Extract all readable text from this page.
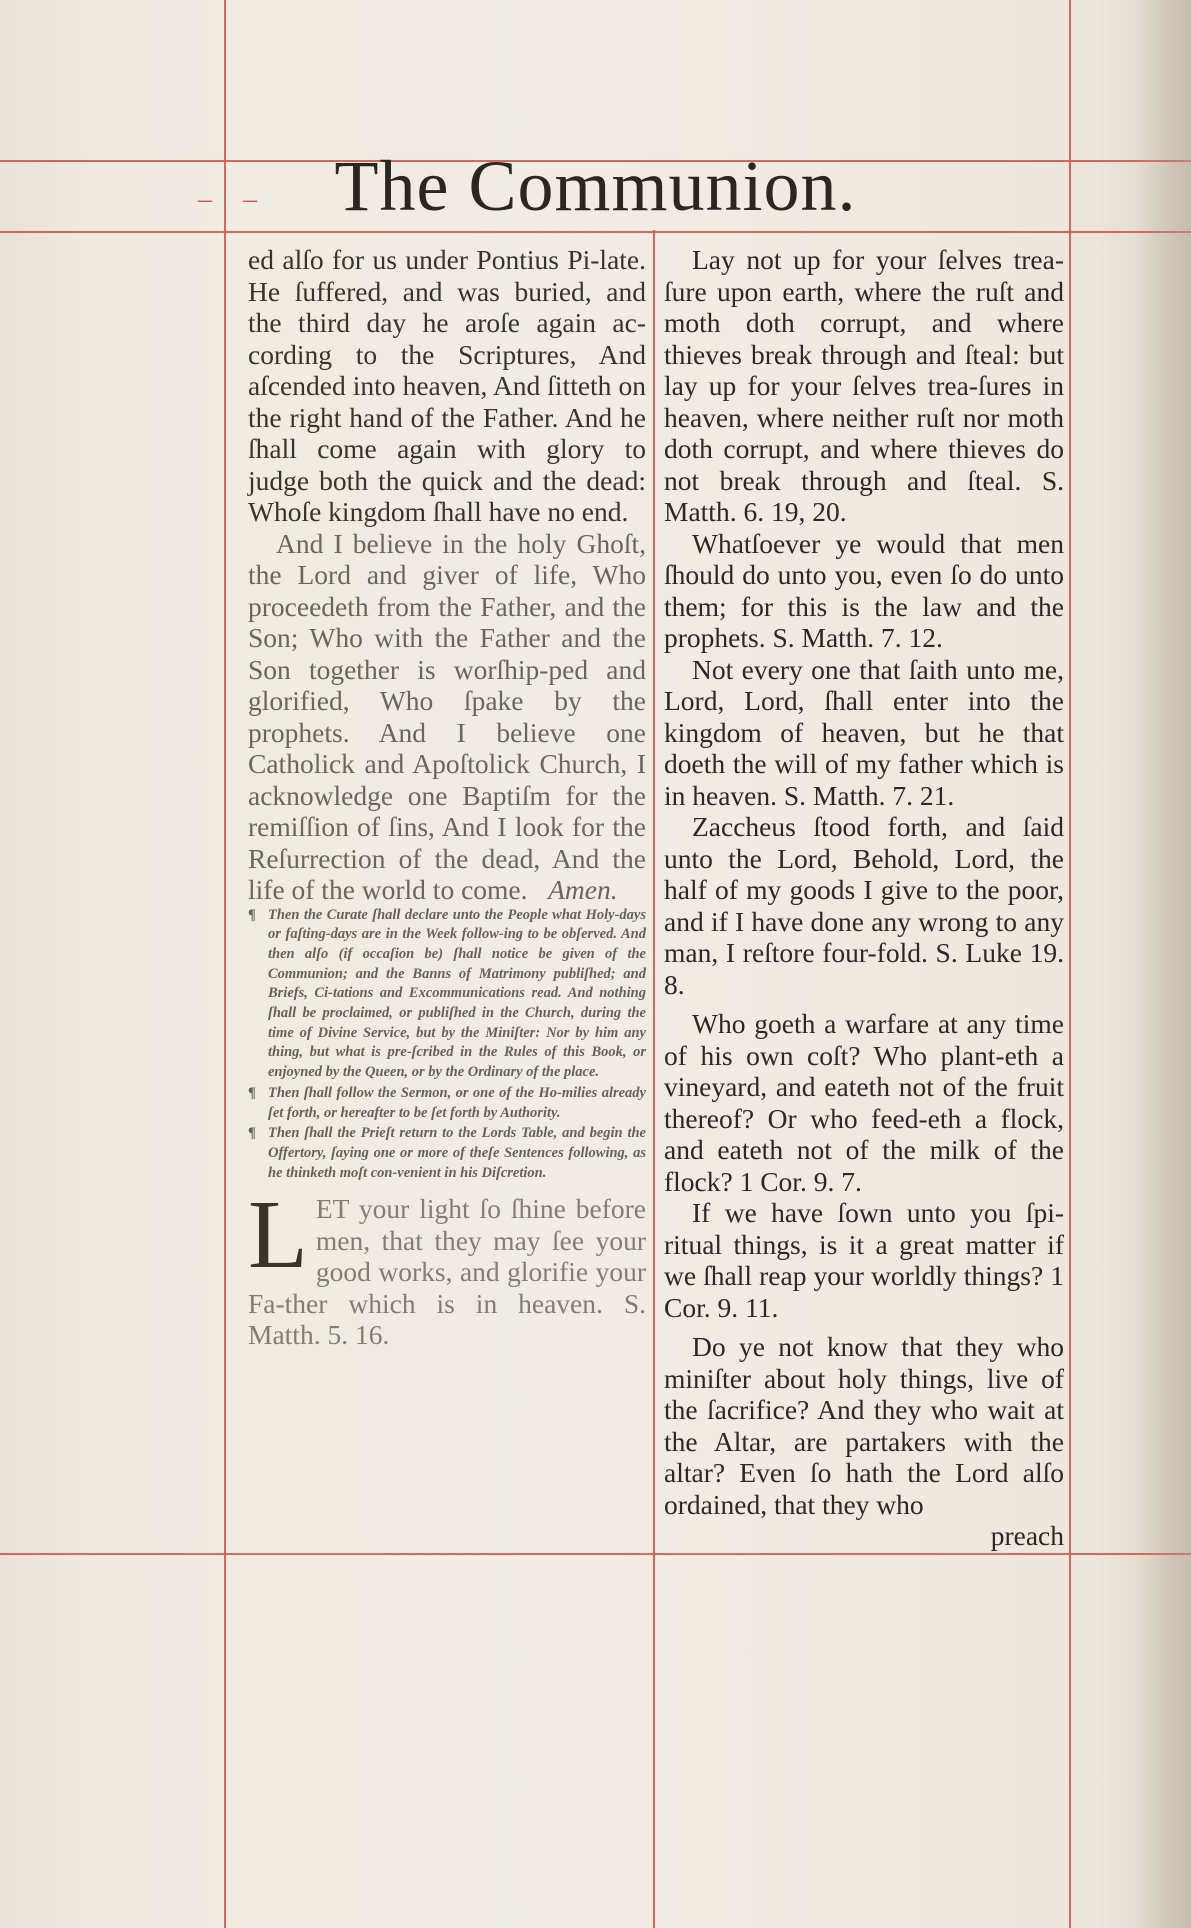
– –	The Communion.

ed alſo for us under Pontius Pi-late. He ſuffered, and was buried, and the third day he aroſe again ac-cording to the Scriptures, And aſcended into heaven, And ſitteth on the right hand of the Father. And he ſhall come again with glory to judge both the quick and the dead: Whoſe kingdom ſhall have no end.

And I believe in the holy Ghoſt, the Lord and giver of life, Who proceedeth from the Father, and the Son; Who with the Father and the Son together is worſhip-ped and glorified, Who ſpake by the prophets. And I believe one Catholick and Apoſtolick Church, I acknowledge one Baptiſm for the remiſſion of ſins, And I look for the Reſurrection of the dead, And the life of the world to come. Amen.

¶ Then the Curate ſhall declare unto the People what Holy-days or faſting-days are in the Week follow-ing to be obſerved. And then alſo (if occaſion be) ſhall notice be given of the Communion; and the Banns of Matrimony publiſhed; and Briefs, Ci-tations and Excommunications read. And nothing ſhall be proclaimed, or publiſhed in the Church, during the time of Divine Service, but by the Miniſter: Nor by him any thing, but what is pre-ſcribed in the Rules of this Book, or enjoyned by the Queen, or by the Ordinary of the place.

¶ Then ſhall follow the Sermon, or one of the Ho-milies already ſet forth, or hereafter to be ſet forth by Authority.

¶ Then ſhall the Prieſt return to the Lords Table, and begin the Offertory, ſaying one or more of theſe Sentences following, as he thinketh moſt con-venient in his Diſcretion.

LET your light ſo ſhine before men, that they may ſee your good works, and glorifie your Fa-ther which is in heaven. S. Matth. 5. 16.

Lay not up for your ſelves trea-ſure upon earth, where the ruſt and moth doth corrupt, and where thieves break through and ſteal: but lay up for your ſelves trea-ſures in heaven, where neither ruſt nor moth doth corrupt, and where thieves do not break through and ſteal. S. Matth. 6. 19, 20.

Whatſoever ye would that men ſhould do unto you, even ſo do unto them; for this is the law and the prophets. S. Matth. 7. 12.

Not every one that ſaith unto me, Lord, Lord, ſhall enter into the kingdom of heaven, but he that doeth the will of my father which is in heaven. S. Matth. 7. 21.

Zaccheus ſtood forth, and ſaid unto the Lord, Behold, Lord, the half of my goods I give to the poor, and if I have done any wrong to any man, I reſtore four-fold. S. Luke 19. 8.

Who goeth a warfare at any time of his own coſt? Who plant-eth a vineyard, and eateth not of the fruit thereof? Or who feed-eth a flock, and eateth not of the milk of the flock? 1 Cor. 9. 7.

If we have ſown unto you ſpi-ritual things, is it a great matter if we ſhall reap your worldly things? 1 Cor. 9. 11.

Do ye not know that they who miniſter about holy things, live of the ſacrifice? And they who wait at the Altar, are partakers with the altar? Even ſo hath the Lord alſo ordained, that they who

preach
